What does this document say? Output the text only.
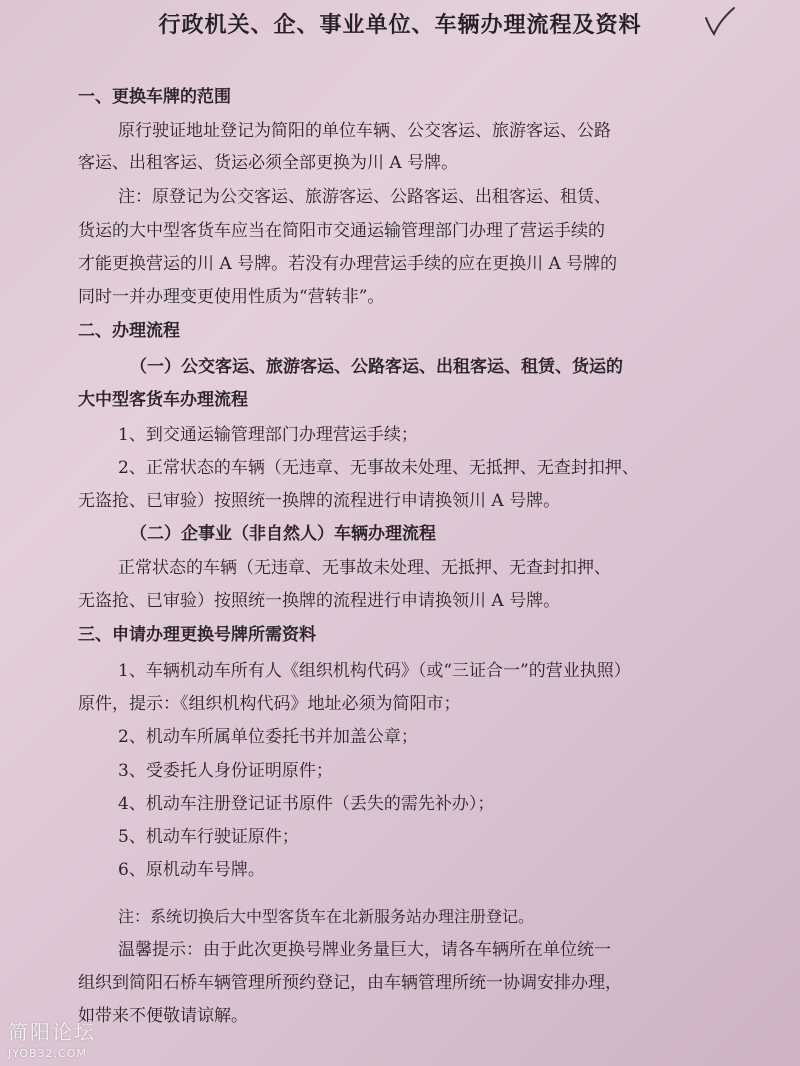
行政机关、企、事业单位、车辆办理流程及资料
一、更换车牌的范围
原行驶证地址登记为简阳的单位车辆、公交客运、旅游客运、公路
客运、出租客运、货运必须全部更换为川 A 号牌。
注：原登记为公交客运、旅游客运、公路客运、出租客运、租赁、
货运的大中型客货车应当在简阳市交通运输管理部门办理了营运手续的
才能更换营运的川 A 号牌。若没有办理营运手续的应在更换川 A 号牌的
同时一并办理变更使用性质为“营转非”。
二、办理流程
（一）公交客运、旅游客运、公路客运、出租客运、租赁、货运的
大中型客货车办理流程
1、到交通运输管理部门办理营运手续；
2、正常状态的车辆（无违章、无事故未处理、无抵押、无查封扣押、
无盗抢、已审验）按照统一换牌的流程进行申请换领川 A 号牌。
（二）企事业（非自然人）车辆办理流程
正常状态的车辆（无违章、无事故未处理、无抵押、无查封扣押、
无盗抢、已审验）按照统一换牌的流程进行申请换领川 A 号牌。
三、申请办理更换号牌所需资料
1、车辆机动车所有人《组织机构代码》（或“三证合一”的营业执照）
原件，提示：《组织机构代码》地址必须为简阳市；
2、机动车所属单位委托书并加盖公章；
3、受委托人身份证明原件；
4、机动车注册登记证书原件（丢失的需先补办）；
5、机动车行驶证原件；
6、原机动车号牌。
注：系统切换后大中型客货车在北新服务站办理注册登记。
温馨提示：由于此次更换号牌业务量巨大，请各车辆所在单位统一
组织到简阳石桥车辆管理所预约登记，由车辆管理所统一协调安排办理，
如带来不便敬请谅解。
简阳论坛
JYOB32.COM
